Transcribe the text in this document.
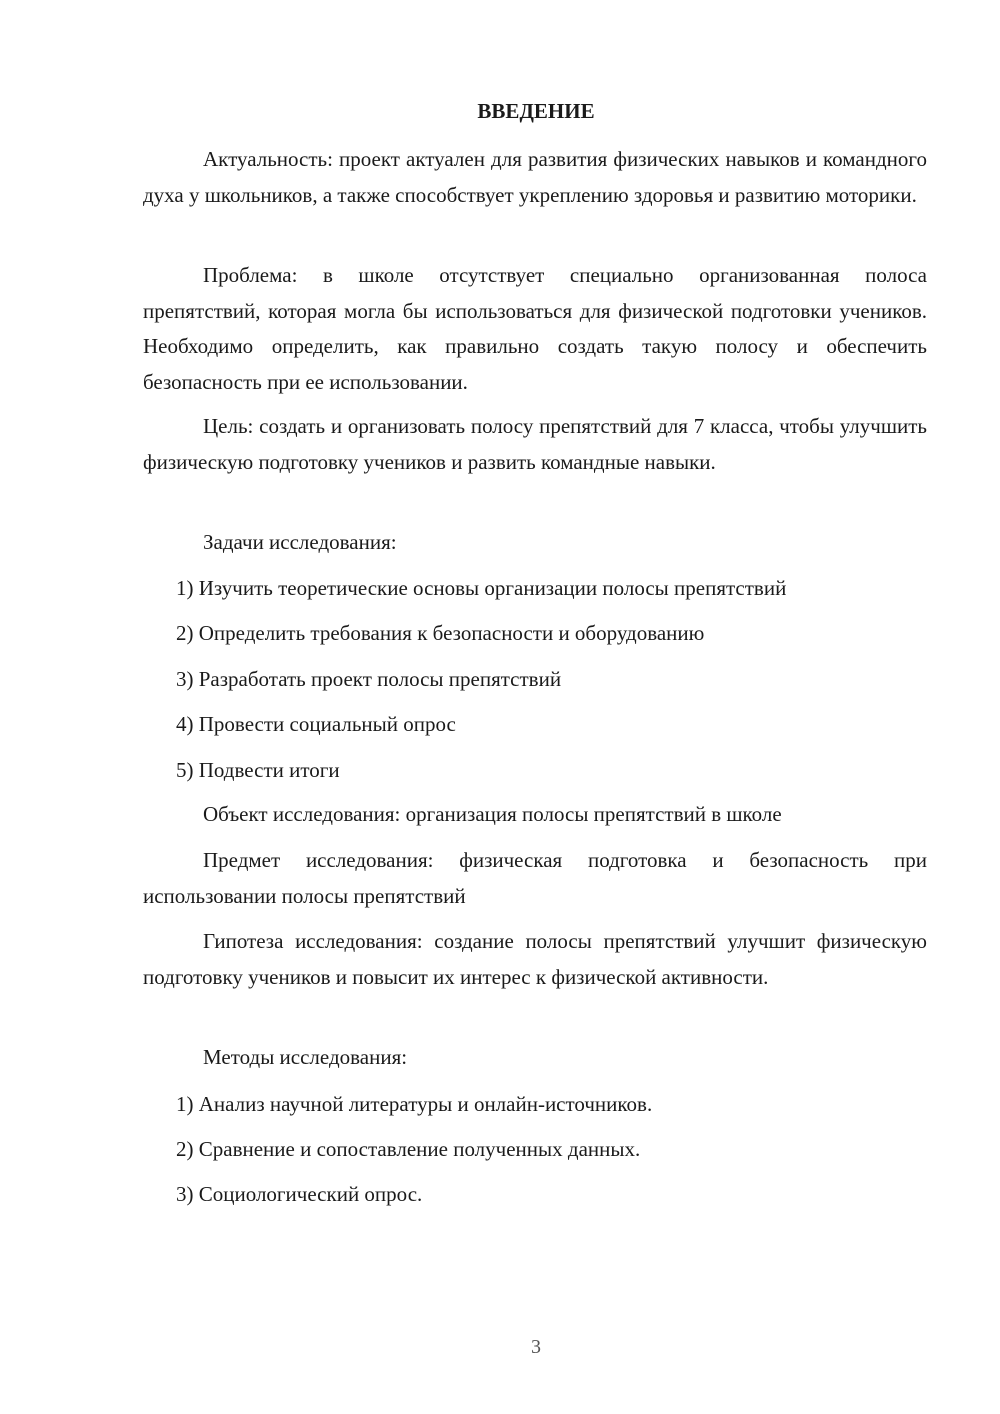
ВВЕДЕНИЕ

Актуальность: проект актуален для развития физических навыков и командного духа у школьников, а также способствует укреплению здоровья и развитию моторики.

Проблема: в школе отсутствует специально организованная полоса препятствий, которая могла бы использоваться для физической подготовки учеников. Необходимо определить, как правильно создать такую полосу и обеспечить безопасность при ее использовании.

Цель: создать и организовать полосу препятствий для 7 класса, чтобы улучшить физическую подготовку учеников и развить командные навыки.

Задачи исследования:

1) Изучить теоретические основы организации полосы препятствий

2) Определить требования к безопасности и оборудованию

3) Разработать проект полосы препятствий

4) Провести социальный опрос

5) Подвести итоги

Объект исследования: организация полосы препятствий в школе

Предмет исследования: физическая подготовка и безопасность при использовании полосы препятствий

Гипотеза исследования: создание полосы препятствий улучшит физическую подготовку учеников и повысит их интерес к физической активности.

Методы исследования:

1) Анализ научной литературы и онлайн-источников.

2) Сравнение и сопоставление полученных данных.

3) Социологический опрос.

3
